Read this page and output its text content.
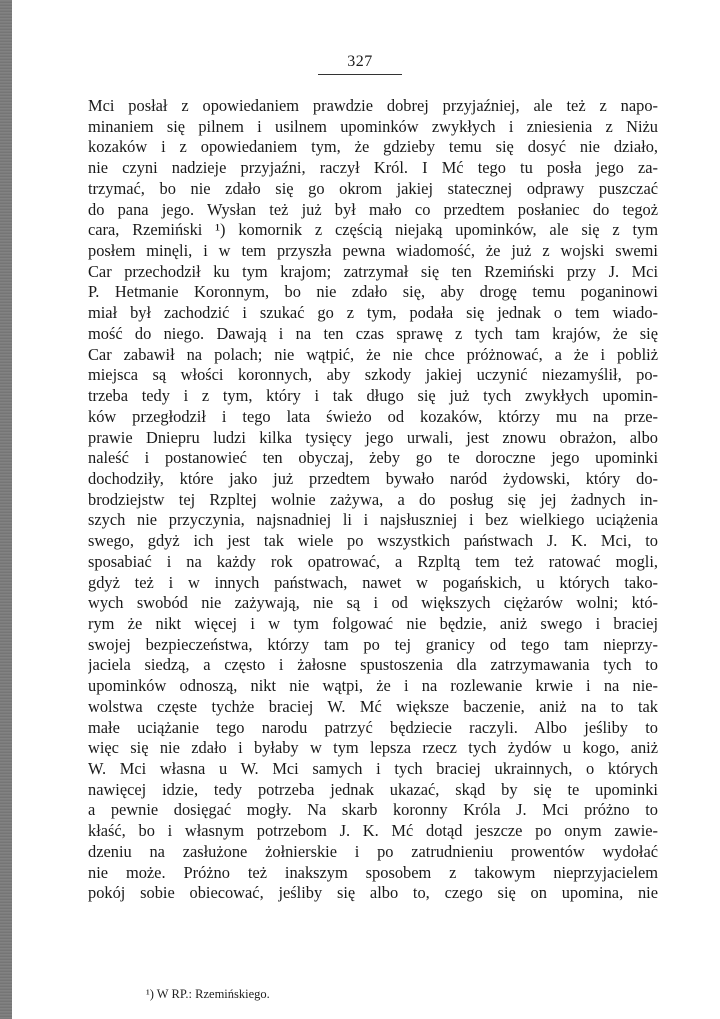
327
Mci posłał z opowiedaniem prawdzie dobrej przyjaźniej, ale też z napo-
minaniem się pilnem i usilnem upominków zwykłych i zniesienia z Niżu
kozaków i z opowiedaniem tym, że gdzieby temu się dosyć nie działo,
nie czyni nadzieje przyjaźni, raczył Król. I Mć tego tu posła jego za-
trzymać, bo nie zdało się go okrom jakiej statecznej odprawy puszczać
do pana jego. Wysłan też już był mało co przedtem posłaniec do tegoż
cara, Rzemiński ¹) komornik z częścią niejaką upominków, ale się z tym
posłem minęli, i w tem przyszła pewna wiadomość, że już z wojski swemi
Car przechodził ku tym krajom; zatrzymał się ten Rzemiński przy J. Mci
P. Hetmanie Koronnym, bo nie zdało się, aby drogę temu poganinowi
miał był zachodzić i szukać go z tym, podała się jednak o tem wiado-
mość do niego. Dawają i na ten czas sprawę z tych tam krajów, że się
Car zabawił na polach; nie wątpić, że nie chce próżnować, a że i pobliż
miejsca są włości koronnych, aby szkody jakiej uczynić niezamyślił, po-
trzeba tedy i z tym, który i tak długo się już tych zwykłych upomin-
ków przegłodził i tego lata świeżo od kozaków, którzy mu na prze-
prawie Dniepru ludzi kilka tysięcy jego urwali, jest znowu obrażon, albo
naleść i postanowieć ten obyczaj, żeby go te doroczne jego upominki
dochodziły, które jako już przedtem bywało naród żydowski, który do-
brodziejstw tej Rzpltej wolnie zażywa, a do posług się jej żadnych in-
szych nie przyczynia, najsnadniej li i najsłuszniej i bez wielkiego uciążenia
swego, gdyż ich jest tak wiele po wszystkich państwach J. K. Mci, to
sposabiać i na każdy rok opatrować, a Rzpltą tem też ratować mogli,
gdyż też i w innych państwach, nawet w pogańskich, u których tako-
wych swobód nie zażywają, nie są i od większych ciężarów wolni; któ-
rym że nikt więcej i w tym folgować nie będzie, aniż swego i braciej
swojej bezpieczeństwa, którzy tam po tej granicy od tego tam nieprzy-
jaciela siedzą, a często i żałosne spustoszenia dla zatrzymawania tych to
upominków odnoszą, nikt nie wątpi, że i na rozlewanie krwie i na nie-
wolstwa częste tychże braciej W. Mć większe baczenie, aniż na to tak
małe uciążanie tego narodu patrzyć będziecie raczyli. Albo jeśliby to
więc się nie zdało i byłaby w tym lepsza rzecz tych żydów u kogo, aniż
W. Mci własna u W. Mci samych i tych braciej ukrainnych, o których
nawięcej idzie, tedy potrzeba jednak ukazać, skąd by się te upominki
a pewnie dosięgać mogły. Na skarb koronny Króla J. Mci próżno to
kłaść, bo i własnym potrzebom J. K. Mć dotąd jeszcze po onym zawie-
dzeniu na zasłużone żołnierskie i po zatrudnieniu prowentów wydołać
nie może. Próżno też inakszym sposobem z takowym nieprzyjacielem
pokój sobie obiecować, jeśliby się albo to, czego się on upomina, nie
¹) W RP.: Rzemińskiego.
